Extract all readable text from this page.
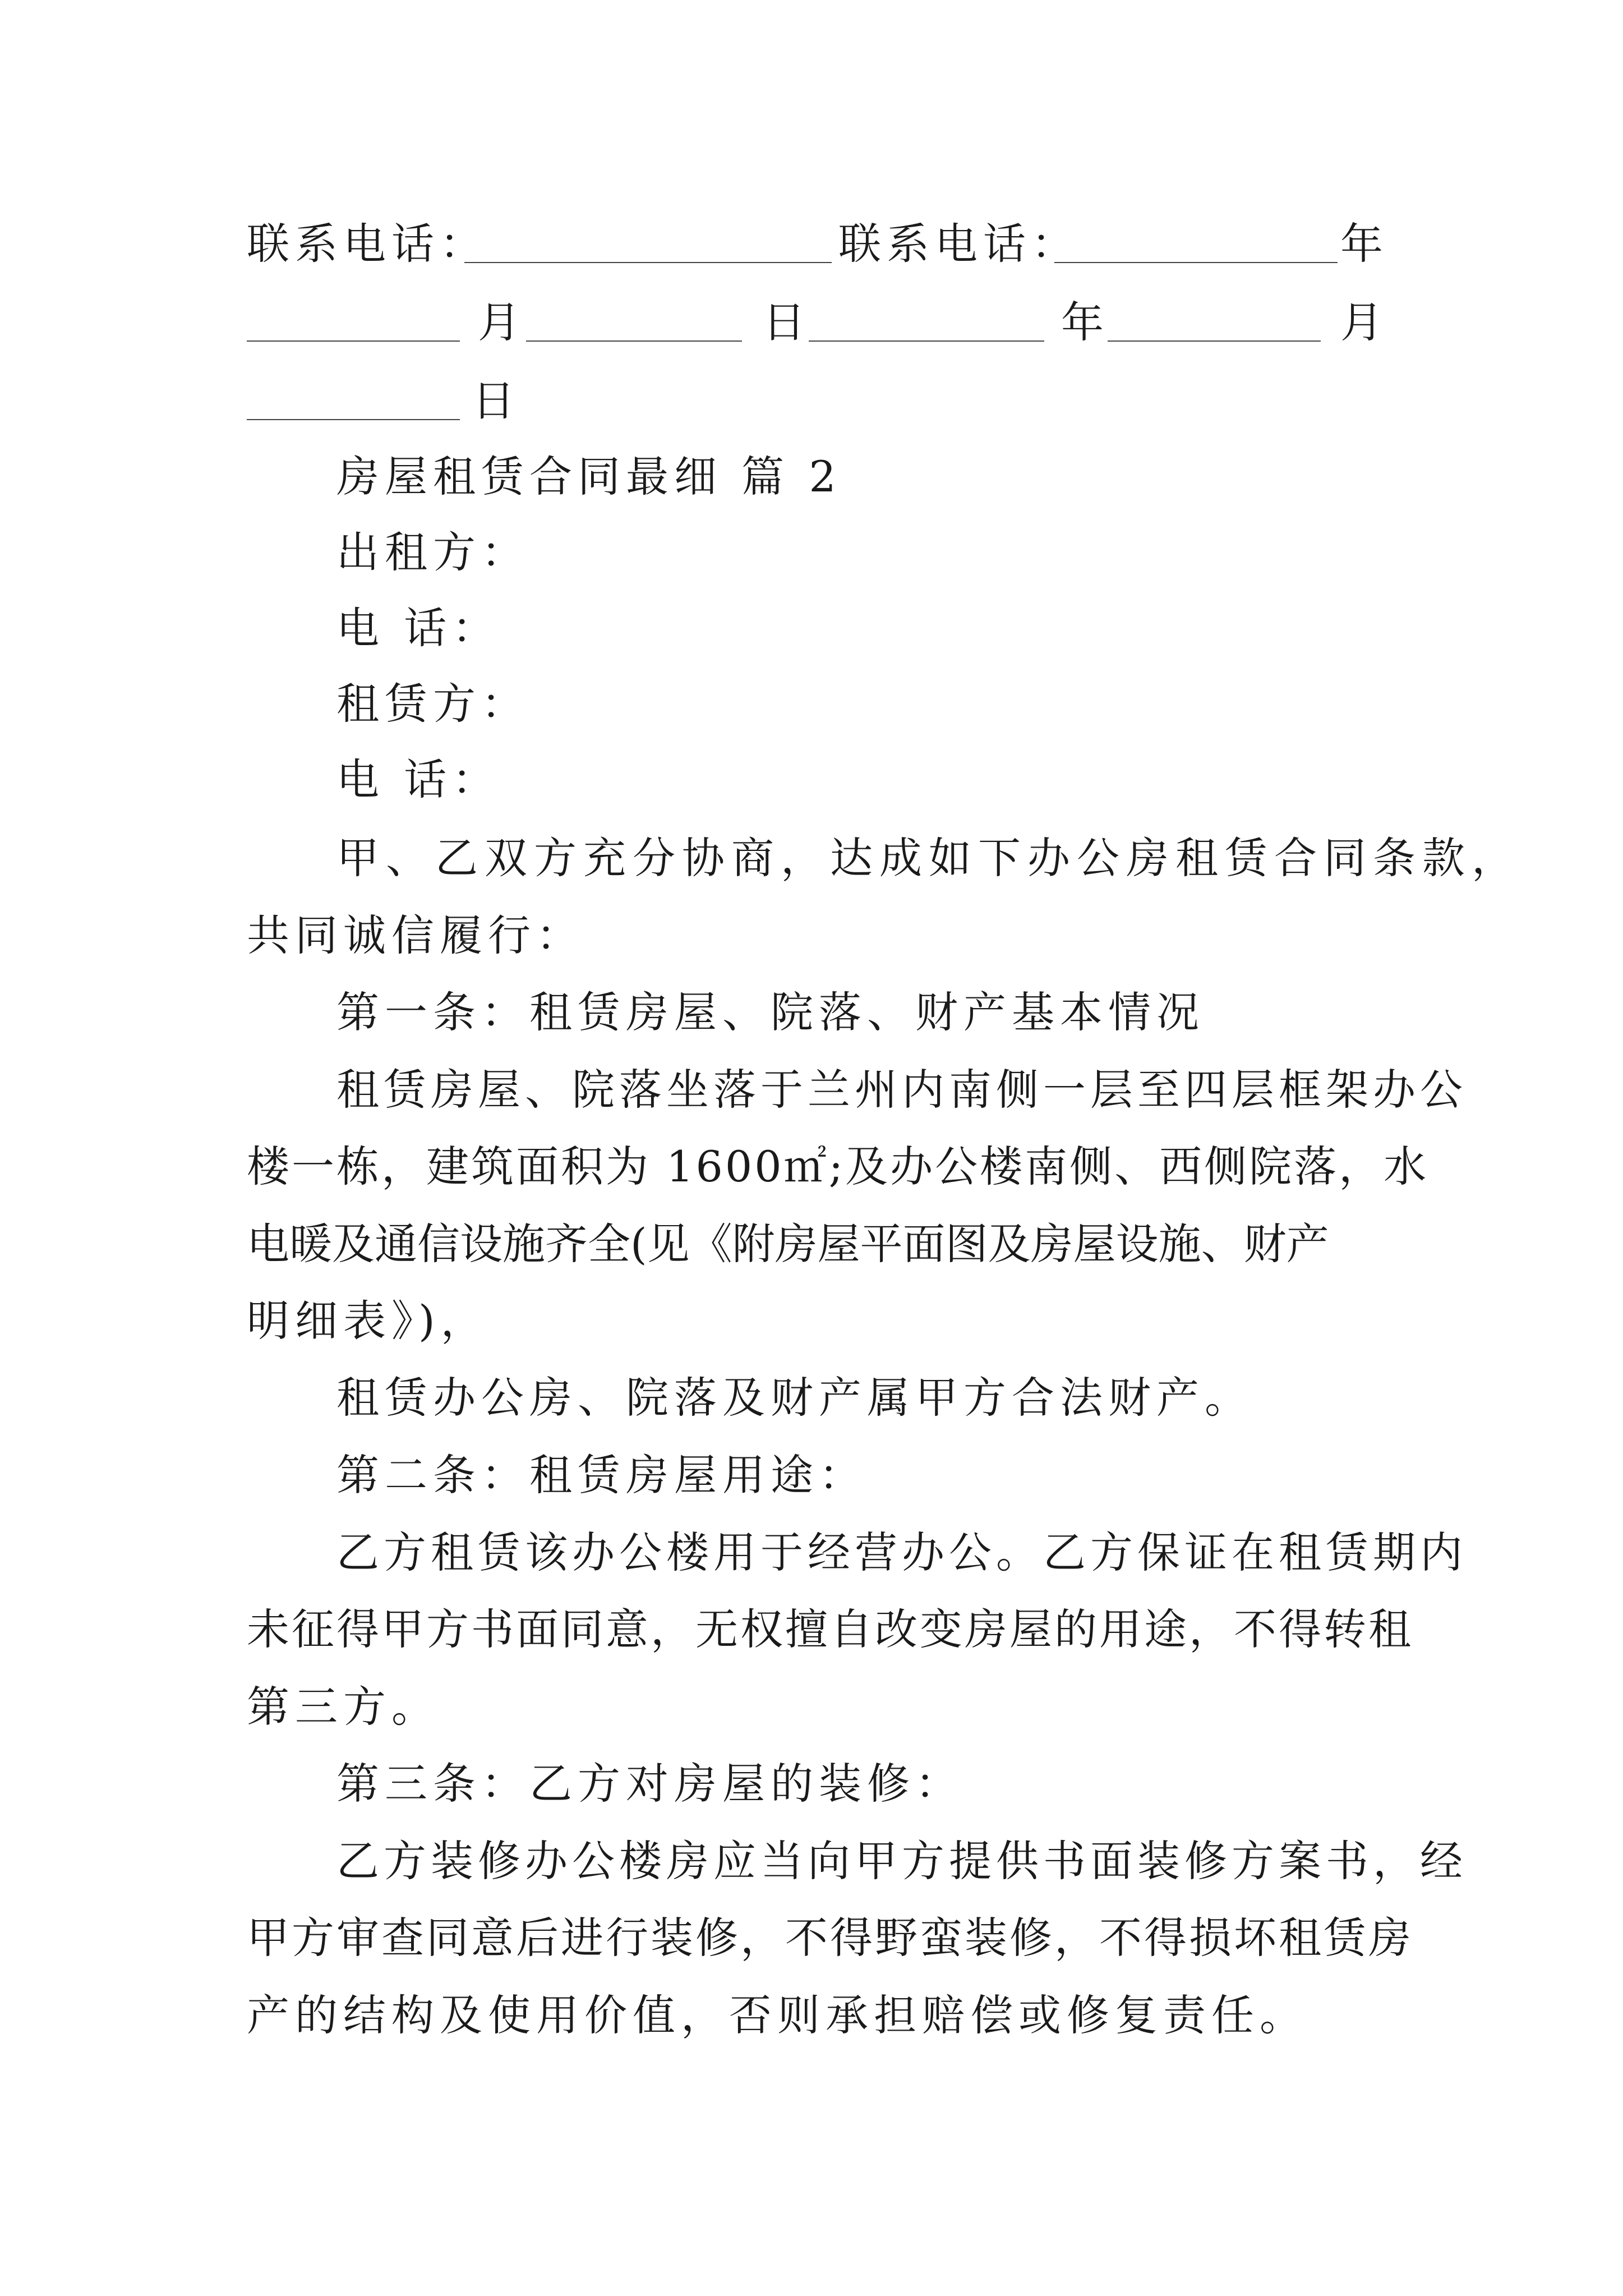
联系电话：	联系电话：	年
月	日	年	月
日
房屋租赁合同最细 篇 2
出租方：
电 话：
租赁方：
电 话：
甲、乙双方充分协商，达成如下办公房租赁合同条款，
共同诚信履行：
第一条：租赁房屋、院落、财产基本情况
租赁房屋、院落坐落于兰州内南侧一层至四层框架办公
楼一栋，建筑面积为 1600㎡;及办公楼南侧、西侧院落，水
电暖及通信设施齐全(见《附房屋平面图及房屋设施、财产
明细表》)，
租赁办公房、院落及财产属甲方合法财产。
第二条：租赁房屋用途：
乙方租赁该办公楼用于经营办公。乙方保证在租赁期内
未征得甲方书面同意，无权擅自改变房屋的用途，不得转租
第三方。
第三条：乙方对房屋的装修：
乙方装修办公楼房应当向甲方提供书面装修方案书，经
甲方审查同意后进行装修，不得野蛮装修，不得损坏租赁房
产的结构及使用价值，否则承担赔偿或修复责任。
